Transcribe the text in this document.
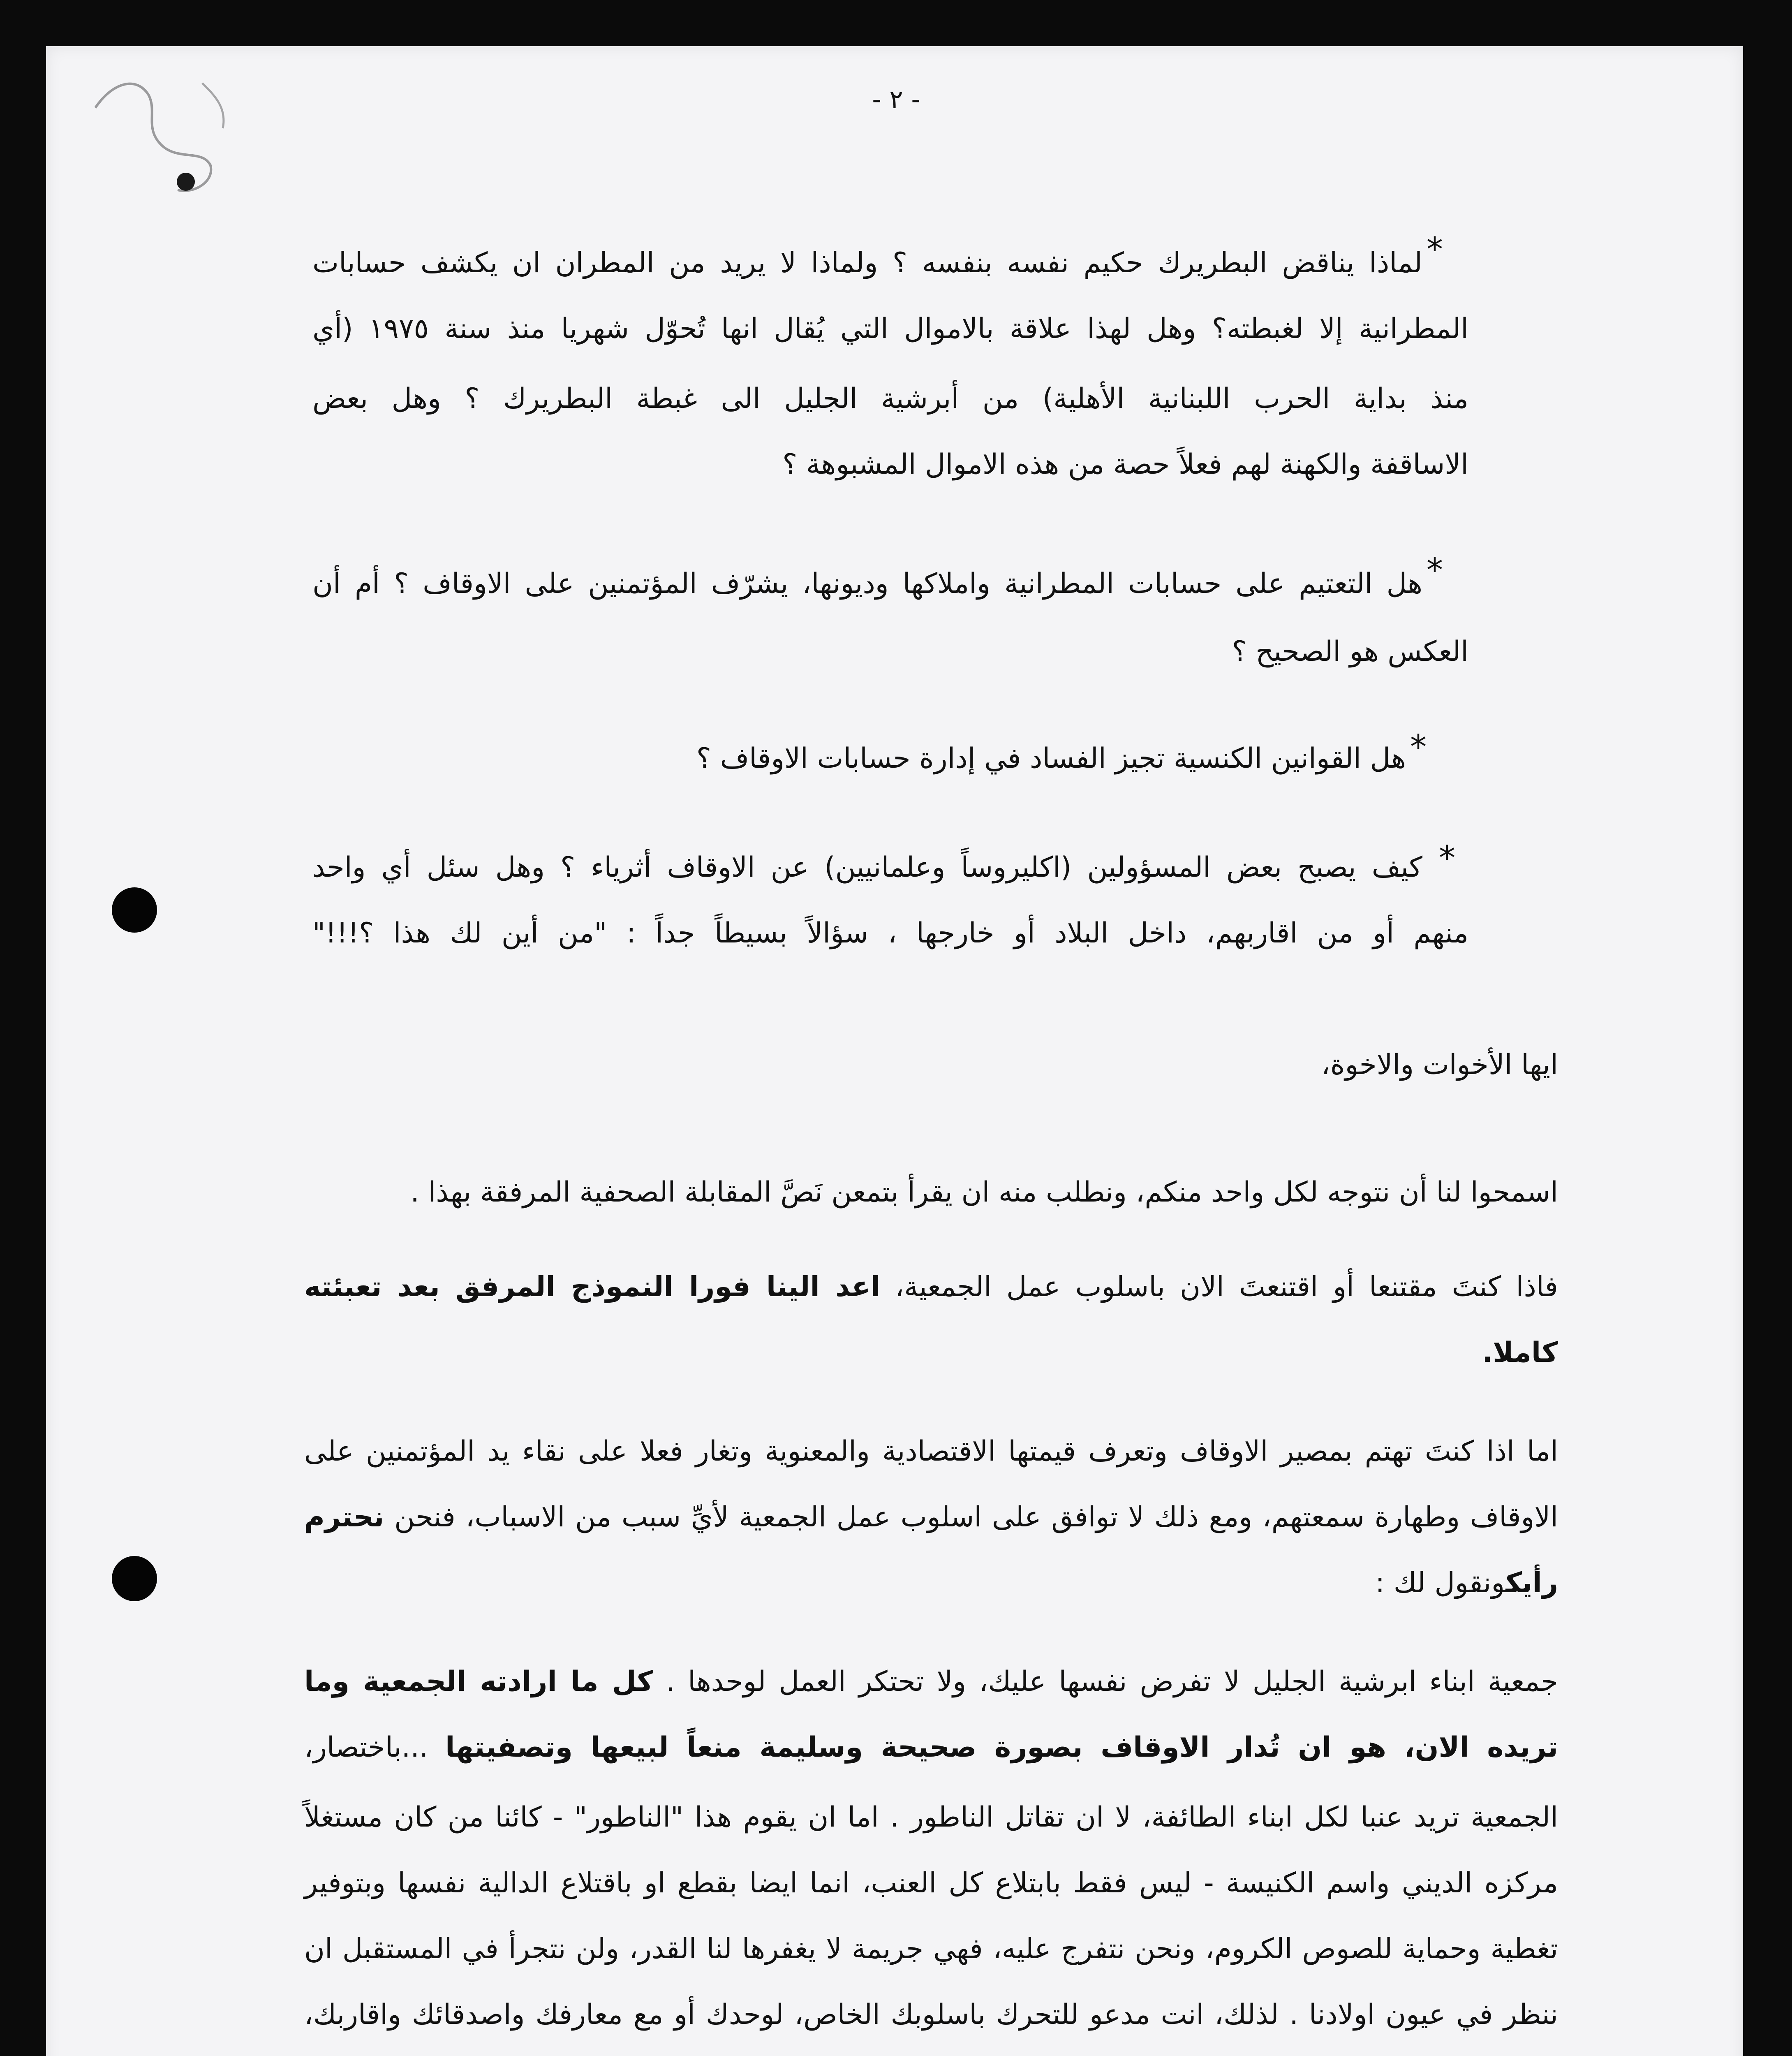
- ٢ -
*
لماذا يناقض البطريرك حكيم نفسه بنفسه ؟ ولماذا لا يريد من المطران ان يكشف حسابات
المطرانية إلا لغبطته؟ وهل لهذا علاقة بالاموال التي يُقال انها تُحوّل شهريا منذ سنة ١٩٧٥ (أي
منذ بداية الحرب اللبنانية الأهلية) من أبرشية الجليل الى غبطة البطريرك ؟ وهل بعض
الاساقفة والكهنة لهم فعلاً حصة من هذه الاموال المشبوهة ؟
*
هل التعتيم على حسابات المطرانية واملاكها وديونها، يشرّف المؤتمنين على الاوقاف ؟ أم أن
العكس هو الصحيح ؟
*
هل القوانين الكنسية تجيز الفساد في إدارة حسابات الاوقاف ؟
*
كيف يصبح بعض المسؤولين (اكليروساً وعلمانيين) عن الاوقاف أثرياء ؟ وهل سئل أي واحد
منهم أو من اقاربهم، داخل البلاد أو خارجها ، سؤالاً بسيطاً جداً : "من أين لك هذا ؟!!!"
ايها الأخوات والاخوة،
اسمحوا لنا أن نتوجه لكل واحد منكم، ونطلب منه ان يقرأ بتمعن نَصَّ المقابلة الصحفية المرفقة بهذا .
فاذا كنتَ مقتنعا أو اقتنعتَ الان باسلوب عمل الجمعية، اعد الينا فورا النموذج المرفق بعد تعبئته
كاملا.
اما اذا كنتَ تهتم بمصير الاوقاف وتعرف قيمتها الاقتصادية والمعنوية وتغار فعلا على نقاء يد المؤتمنين على
الاوقاف وطهارة سمعتهم، ومع ذلك لا توافق على اسلوب عمل الجمعية لأيِّ سبب من الاسباب، فنحن نحترم
رأيكونقول لك :
جمعية ابناء ابرشية الجليل لا تفرض نفسها عليك، ولا تحتكر العمل لوحدها . كل ما ارادته الجمعية وما
تريده الان، هو ان تُدار الاوقاف بصورة صحيحة وسليمة منعاً لبيعها وتصفيتها ...باختصار،
الجمعية تريد عنبا لكل ابناء الطائفة، لا ان تقاتل الناطور . اما ان يقوم هذا "الناطور" - كائنا من كان مستغلاً
مركزه الديني واسم الكنيسة - ليس فقط بابتلاع كل العنب، انما ايضا بقطع او باقتلاع الدالية نفسها وبتوفير
تغطية وحماية للصوص الكروم، ونحن نتفرج عليه، فهي جريمة لا يغفرها لنا القدر، ولن نتجرأ في المستقبل ان
ننظر في عيون اولادنا . لذلك، انت مدعو للتحرك باسلوبك الخاص، لوحدك أو مع معارفك واصدقائك واقاربك،
